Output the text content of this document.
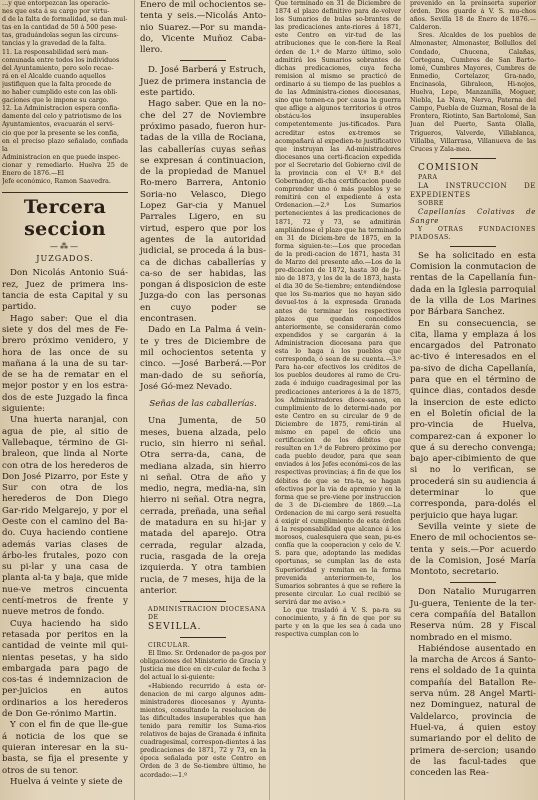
…y que entorpezcan las operacio-

nes que esta á su cargo por virtu-

d de la falta de formalidad, se dan mul-

tas en la cantidad de 50 á 500 pese-

tas, graduándolas segun las circuns-

tancias y la gravedad de la falta.

11. La responsabilidad será man-

comunada entre todos los individuos

del Ayuntamiento, pero solo recae-

rá en el Alcalde cuando aquellos

justifiquen que la falta procede de

no haber cumplido este con las obli-

gaciones que le impone su cargo.

12. La Administracion espera confia-

damente del celo y patriotismo de los

Ayuntamientos, evacuarán el servi-

cio que por la presente se les confia,

en el preciso plazo señalado, confiada la

Administracion en que puede inspec-

cionar y remediarlo. Huelva 25 de Enero de 1876.—El

Jefe económico, Ramon Saavedra.

Tercera seccion
—⁂—
JUZGADOS.

Don Nicolás Antonio Suá-rez, Juez de primera ins-tancia de esta Capital y su partido.

Hago saber: Que el dia siete y dos del mes de Fe-brero próximo venidero, y hora de las once de su mañana á la una de su tar-de se ha de rematar en el mejor postor y en los estra-dos de este Juzgado la finca siguiente:

Una huerta naranjal, con agua de pie, al sitio de Vallebaque, término de Gi-braleon, que linda al Norte con otra de los herederos de Don José Pizarro, por Este y Sur con otra de los herederos de Don Diego Gar-rido Melgarejo, y por el Oeste con el camino del Ba-do. Cuya haciendo contiene además varias clases de árbo-les frutales, pozo con su pi-lar y una casa de planta al-ta y baja, que mide nue-ve metros cincuenta centí-metros de frente y nueve metros de fondo.

Cuya haciendo ha sido retasada por peritos en la cantidad de veinte mil qui-nientas pesetas, y ha sido embargada para pago de cos-tas é indemnizacion de per-juicios en autos ordinarios a los herederos de Don Ge-rónimo Martin.

Y con el fin de que lle-gue á noticia de los que se quieran interesar en la su-basta, se fija el presente y otros de su tenor.

Huelva á veinte y siete de

Enero de mil ochocientos se-tenta y seis.—Nicolás Anto-nio Suarez.—Por su manda-do, Vicente Muñoz Caba-llero.

D. José Barberá y Estruch, Juez de primera instancia de este partido.

Hago saber. Que en la no-che del 27 de Noviembre próximo pasado, fueron hur-tadas de la villa de Rociana, las caballerías cuyas señas se expresan á continuacion, de la propiedad de Manuel Ro-mero Barrera, Antonio Soria-no Velasco, Diego Lopez Gar-cia y Manuel Parrales Ligero, en su virtud, espero que por los agentes de la autoridad judicial, se proceda á la bus-ca de dichas caballerías y ca-so de ser habidas, las pongan á disposicion de este Juzga-do con las personas en cuyo poder se encontrasen.

Dado en La Palma á vein-te y tres de Diciembre de mil ochocientos setenta y cinco. —José Barberá.—Por man-dado de su señoría, José Gó-mez Nevado.

Señas de las caballerías.

Una Jumenta, de 50 meses, buena alzada, pelo rucio, sin hierro ni señal. Otra serra-da, cana, de mediana alzada, sin hierro ni señal. Otra de año y medio, negra, media-na, sin hierro ni señal. Otra negra, cerrada, preñada, una señal de matadura en su hi-jar y matada del aparejo. Otra cerrada, regular alzada, rucia, rasgada de la oreja izquierda. Y otra tambien rucia, de 7 meses, hija de la anterior.

ADMINISTRACION DIOCESANA

DE

SEVILLA.

CIRCULAR.

El Ilmo. Sr. Ordenador de pa-gos por obligaciones del Ministerio de Gracia y Justicia me dice en cir-cular de fecha 3 del actual lo si-guiente:

«Habiendo recurrido á esta or-denacion de mi cargo algunos adm-ministradores diocesanos y Ayunta-mientos, consultando la resolucion de las dificultades insuperables que han tenido para remitir los Suma-rios relativos de bajas de Granada é infinita cuadragesimal, correspon-dientes á las predicaciones de 1871, 72 y 73, en la época señalada por este Centro en Orden de 3 de Se-tiembre último, he acordado:—1.º

Que terminado en 31 de Diciembre de 1874 el plazo definitivo para de-volver los Sumarios de bulas so-brantes de las predicaciones ante-riores á 1871, este Centro en vir-tud de las atribuciones que le con-fiere la Real órden de 1.º de Marzo último, solo admitirá los Sumarios sobrantes de dichas predicaciones, cuya fecha remision al mismo se practicó de ordinario á su tiempo de las pueblos a de las Administra-ciones diocesanas, sino que tomen-ca por causa la guerra que aflige a algunos territorios ú otros obstácu-los insuperables competentemente jus-tificados. Para acreditar estos ex-tremos se acompañará al expedien-te justificativo que instruyan las Ad-ministradores diocesanos una certi-ficacion expedida por el Secretario del Gobierno civil de la provincia con el V.º B.º del Gobernador, di-cha certificacion puede comprender uno ó más pueblos y se remitirá con el expediente á esta Ordenacion.—2.º Los Sumarios pertenecientes á las predicaciones de 1871, 72 y 73, se admitirán ampliándose el plazo que ha terminado en 31 de Diciem-bre de 1875, en la forma siguien-te:—Los que procedan de la predi-cacion de 1871, hasta 31 de Marzo del presente año.—Los de la pre-dicacion de 1872, hasta 30 de Ju-nio de 1873, y los de la de 1873, hasta el dia 30 de Se-tiembre; entendiéndose que los Su-marios que no hayan sido devuel-tos á la expresada Granada antes de terminar los respectivos plazos que quedan concedidos anteriormente, se considerarán como expendidos y se cargarán á la Administracion diocesana para que esta lo haga á los pueblos que corresponda, ó sean de su cuenta.—3.º Para ha-cer efectivos los créditos de los pueblos deudores al ramo de Cru-zada é induigo cuadragesimal por las predicaciones anteriores á la de 1875, los Administradores dioce-sanos, en cumplimiento de lo determi-nado por este Centro en su circular de 9 de Diciembre de 1875, remi-tirán al mismo en papel de oficio una certificacion de los débitos que resulten en 1.º de Febrero próximo por cada pueblo deudor, para que sean enviados á los Jefes económi-cos de las respectivas provincias; á fin de que los débitos de que se tra-ta, se hagan efectivos por la via de apremio y en la forma que se pre-viene por instruccion de 3 de Di-ciembre de 1869.—La Ordenacion de mi cargo será resuelta á exigir el cumplimiento de esta órden á la responsabilidad que alcance á los morosos, cualesquiera que sean, pu-es confía que la cooperacion y celo de V. S. para que, adoptando las medidas oportunas, se cumplan las de esta Superioridad y remitan en la forma prevenida anteriormen-te, los Sumarios sobrantes á que se refiere la presente circular. Lo cual recibió se servirá dar me aviso.»

Lo que trasladó á V. S. pa-ra su conocimiento, y á fin de que por su parte y en la que les sea á cada uno respectiva cumplan con lo

prevenido en la preinserta superior órden. Dios guarde á V. S. mu-chos años. Sevilla 18 de Enero de 1876.—Calderon.

Sres. Alcaldes de los pueblos de Almonaster, Almonaster, Bollullos del Condado, Chucena, Calañas, Cortegana, Cumbres de San Barto-lomé, Cumbres Mayores, Cumbres de Enmedio, Cortelazor, Gra-nado, Encinasola, Gibraleon, Hi-nojos, Huelva, Lepe, Manzanilla, Moguer, Niebla, La Nava, Nerva, Paterna del Campo, Puebla de Guzman, Rosal de la Frontera, Riotinto, San Bartolomé, San Juan del Puerto, Santa Olalla, Trigueros, Valverde, Villablanca, Villalba, Villarrasa, Villanueva de las Cruces y Zala-mea.

COMISION

PARA

LA INSTRUCCION DE EXPEDIENTES

SOBRE

Capellanías Colativas de Sangre

Y OTRAS FUNDACIONES PIADOSAS.

Se ha solicitado en esta Comision la conmutacion de rentas de la Capellanía fun-dada en la Iglesia parroquial de la villa de Los Marines por Bárbara Sanchez.

En su consecuencia, se cita, llama y emplaza á los encargados del Patronato ac-tivo é interesados en el pa-sivo de dicha Capellanía, para que en el término de quince dias, contados desde la insercion de este edicto en el Boletín oficial de la pro-vincia de Huelva, comparez-can á exponer lo que á su derecho convenga; bajo aper-cibimiento de que si no lo verifican, se procederá sin su audiencia á determinar lo que corresponda, para-dolés el perjuicio que haya lugar.

Sevilla veinte y siete de Enero de mil ochocientos se-tenta y seis.—Por acuerdo de la Comision, José María Montoto, secretario.

Don Natalio Murugarren Ju-guera, Teniente de la ter-cera compañía del Batallon Reserva núm. 28 y Fiscal nombrado en el mismo.

Habiéndose ausentado en la marcha de Arcos á Santo-rens el soldado de 1a quinta compañía del Batallon Re-serva núm. 28 Angel Marti-nez Dominguez, natural de Valdelarco, provincia de Huel-va, á quien estoy sumariando por el delito de primera de-sercion; usando de las facul-tades que conceden las Rea-
